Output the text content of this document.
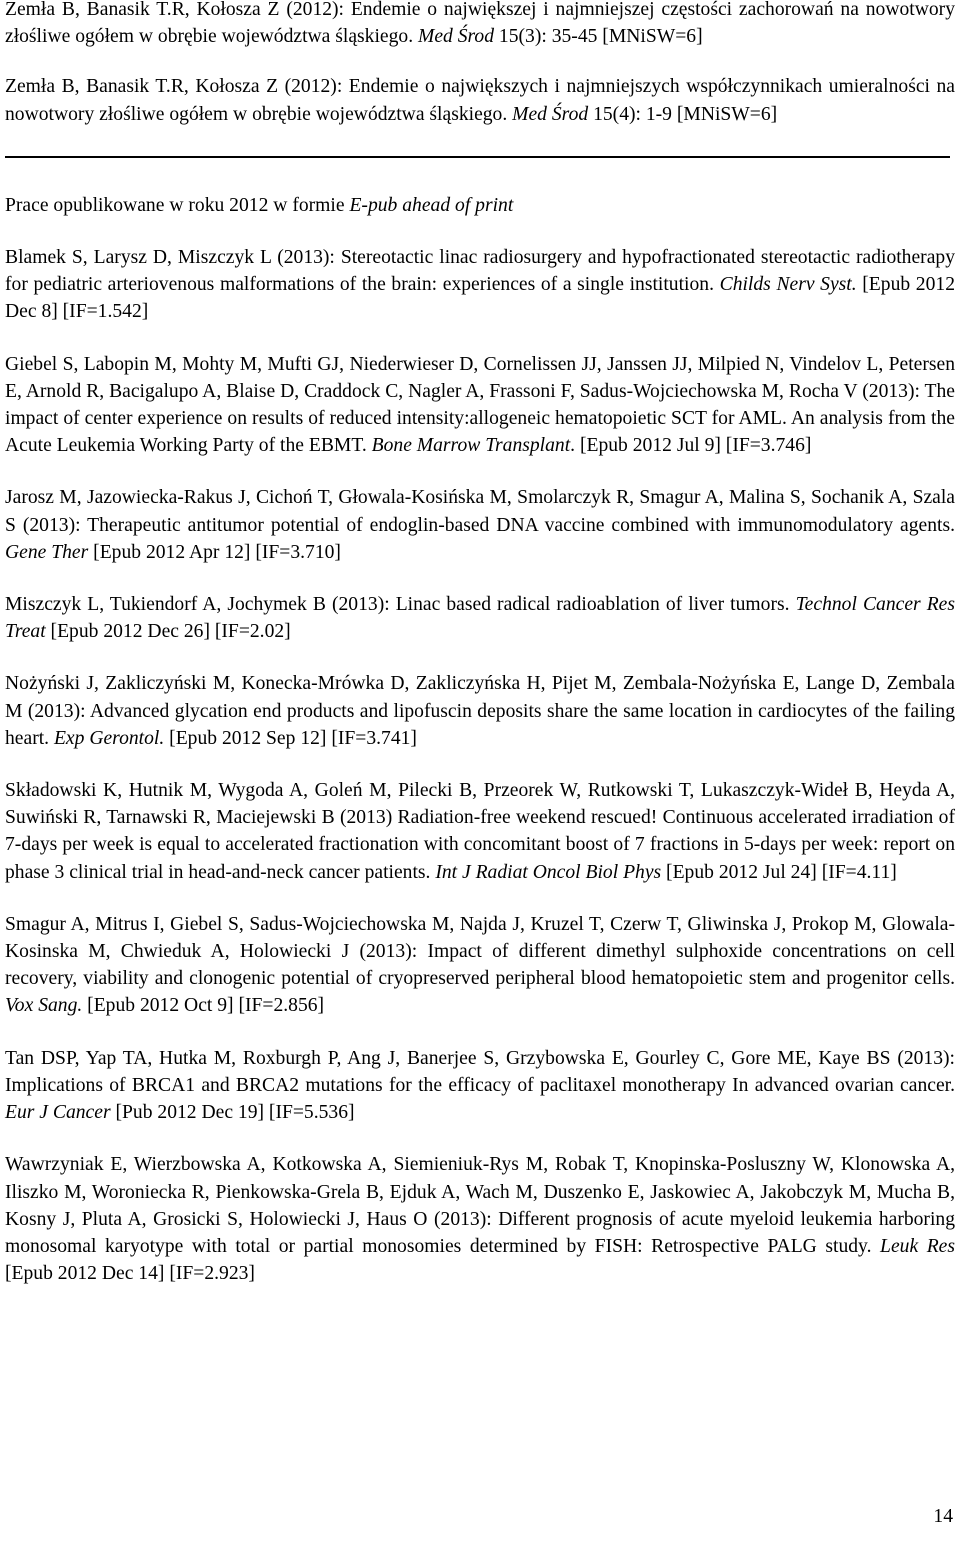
Zemła B, Banasik T.R, Kołosza Z (2012): Endemie o największej i najmniejszej częstości zachorowań na nowotwory złośliwe ogółem w obrębie województwa śląskiego. Med Środ 15(3): 35-45 [MNiSW=6]

Zemła B, Banasik T.R, Kołosza Z (2012): Endemie o największych i najmniejszych współczynnikach umieralności na nowotwory złośliwe ogółem w obrębie województwa śląskiego. Med Środ 15(4): 1-9 [MNiSW=6]

Prace opublikowane w roku 2012 w formie E-pub ahead of print

Blamek S, Larysz D, Miszczyk L (2013): Stereotactic linac radiosurgery and hypofractionated stereotactic radiotherapy for pediatric arteriovenous malformations of the brain: experiences of a single institution. Childs Nerv Syst. [Epub 2012 Dec 8] [IF=1.542]

Giebel S, Labopin M, Mohty M, Mufti GJ, Niederwieser D, Cornelissen JJ, Janssen JJ, Milpied N, Vindelov L, Petersen E, Arnold R, Bacigalupo A, Blaise D, Craddock C, Nagler A, Frassoni F, Sadus-Wojciechowska M, Rocha V (2013): The impact of center experience on results of reduced intensity:allogeneic hematopoietic SCT for AML. An analysis from the Acute Leukemia Working Party of the EBMT. Bone Marrow Transplant. [Epub 2012 Jul 9] [IF=3.746]

Jarosz M, Jazowiecka-Rakus J, Cichoń T, Głowala-Kosińska M, Smolarczyk R, Smagur A, Malina S, Sochanik A, Szala S (2013): Therapeutic antitumor potential of endoglin-based DNA vaccine combined with immunomodulatory agents. Gene Ther [Epub 2012 Apr 12] [IF=3.710]

Miszczyk L, Tukiendorf A, Jochymek B (2013): Linac based radical radioablation of liver tumors. Technol Cancer Res Treat [Epub 2012 Dec 26] [IF=2.02]

Nożyński J, Zakliczyński M, Konecka-Mrówka D, Zakliczyńska H, Pijet M, Zembala-Nożyńska E, Lange D, Zembala M (2013): Advanced glycation end products and lipofuscin deposits share the same location in cardiocytes of the failing heart. Exp Gerontol. [Epub 2012 Sep 12] [IF=3.741]

Składowski K, Hutnik M, Wygoda A, Goleń M, Pilecki B, Przeorek W, Rutkowski T, Lukaszczyk-Wideł B, Heyda A, Suwiński R, Tarnawski R, Maciejewski B (2013) Radiation-free weekend rescued! Continuous accelerated irradiation of 7-days per week is equal to accelerated fractionation with concomitant boost of 7 fractions in 5-days per week: report on phase 3 clinical trial in head-and-neck cancer patients. Int J Radiat Oncol Biol Phys [Epub 2012 Jul 24] [IF=4.11]

Smagur A, Mitrus I, Giebel S, Sadus-Wojciechowska M, Najda J, Kruzel T, Czerw T, Gliwinska J, Prokop M, Glowala-Kosinska M, Chwieduk A, Holowiecki J (2013): Impact of different dimethyl sulphoxide concentrations on cell recovery, viability and clonogenic potential of cryopreserved peripheral blood hematopoietic stem and progenitor cells. Vox Sang. [Epub 2012 Oct 9] [IF=2.856]

Tan DSP, Yap TA, Hutka M, Roxburgh P, Ang J, Banerjee S, Grzybowska E, Gourley C, Gore ME, Kaye BS (2013): Implications of BRCA1 and BRCA2 mutations for the efficacy of paclitaxel monotherapy In advanced ovarian cancer. Eur J Cancer [Pub 2012 Dec 19] [IF=5.536]

Wawrzyniak E, Wierzbowska A, Kotkowska A, Siemieniuk-Rys M, Robak T, Knopinska-Posluszny W, Klonowska A, Iliszko M, Woroniecka R, Pienkowska-Grela B, Ejduk A, Wach M, Duszenko E, Jaskowiec A, Jakobczyk M, Mucha B, Kosny J, Pluta A, Grosicki S, Holowiecki J, Haus O (2013): Different prognosis of acute myeloid leukemia harboring monosomal karyotype with total or partial monosomies determined by FISH: Retrospective PALG study. Leuk Res [Epub 2012 Dec 14] [IF=2.923]

14
